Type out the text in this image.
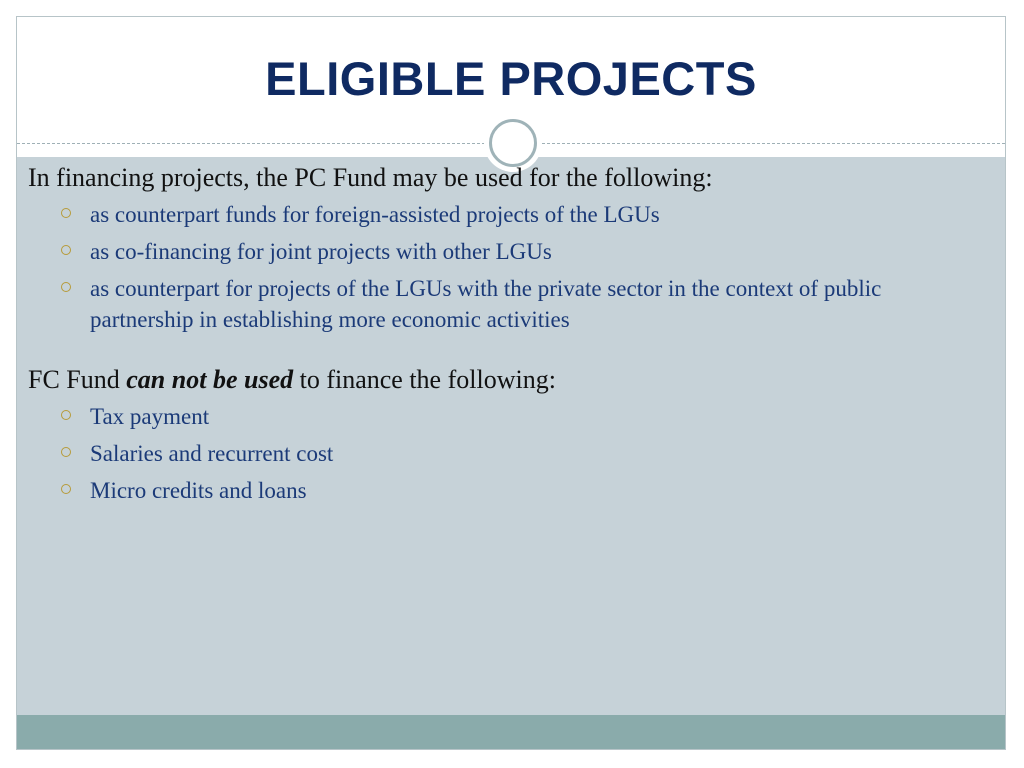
ELIGIBLE PROJECTS

In financing projects, the PC Fund may be used for the following:

as counterpart funds for foreign-assisted projects of the LGUs
as co-financing for joint projects with other LGUs
as counterpart for projects of the LGUs with the private sector in the context of public partnership in establishing more economic activities

FC Fund can not be used to finance the following:

Tax payment
Salaries and recurrent cost
Micro credits and loans
